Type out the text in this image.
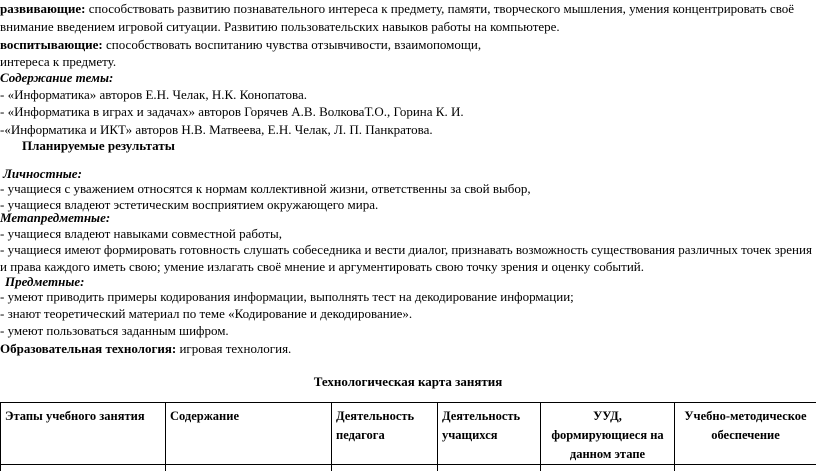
развивающие: способствовать развитию познавательного интереса к предмету, памяти, творческого мышления, умения концентрировать своё
внимание введением игровой ситуации. Развитию пользовательских навыков работы на компьютере.
воспитывающие: способствовать воспитанию чувства отзывчивости, взаимопомощи,
интереса к предмету.
Содержание темы:
- «Информатика» авторов Е.Н. Челак, Н.К. Конопатова.
- «Информатика в играх и задачах» авторов Горячев А.В. ВолковаТ.О., Горина К. И.
-«Информатика и ИКТ» авторов Н.В. Матвеева, Е.Н. Челак, Л. П. Панкратова.
Планируемые результаты
Личностные:
- учащиеся с уважением относятся к нормам коллективной жизни, ответственны за свой выбор,
- учащиеся владеют эстетическим восприятием окружающего мира.
Метапредметные:
- учащиеся владеют навыками совместной работы,
- учащиеся имеют формировать готовность слушать собеседника и вести диалог, признавать возможность существования различных точек зрения
и права каждого иметь свою; умение излагать своё мнение и аргументировать свою точку зрения и оценку событий.
Предметные:
- умеют приводить примеры кодирования информации, выполнять тест на декодирование информации;
- знают теоретический материал по теме «Кодирование и декодирование».
- умеют пользоваться заданным шифром.
Образовательная технология: игровая технология.
Технологическая карта занятия
Этапы учебного занятия	Содержание	Деятельность педагога	Деятельность учащихся	УУД, формирующиеся на данном этапе	Учебно-методическое обеспечение
